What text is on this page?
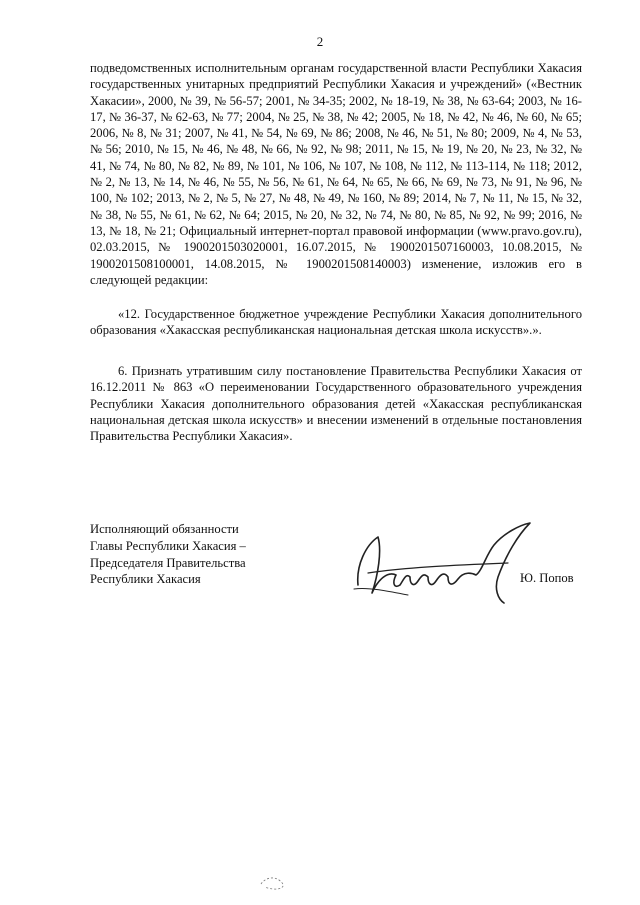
2
подведомственных исполнительным органам государственной власти Республики Хакасия государственных унитарных предприятий Республики Хакасия и учреждений» («Вестник Хакасии», 2000, № 39, № 56-57; 2001, № 34-35; 2002, № 18-19, № 38, № 63-64; 2003, № 16-17, № 36-37, № 62-63, № 77; 2004, № 25, № 38, № 42; 2005, № 18, № 42, № 46, № 60, № 65; 2006, № 8, № 31; 2007, № 41, № 54, № 69, № 86; 2008, № 46, № 51, № 80; 2009, № 4, № 53, № 56; 2010, № 15, № 46, № 48, № 66, № 92, № 98; 2011, № 15, № 19, № 20, № 23, № 32, № 41, № 74, № 80, № 82, № 89, № 101, № 106, № 107, № 108, № 112, № 113-114, № 118; 2012, № 2, № 13, № 14, № 46, № 55, № 56, № 61, № 64, № 65, № 66, № 69, № 73, № 91, № 96, № 100, № 102; 2013, № 2, № 5, № 27, № 48, № 49, № 160, № 89; 2014, № 7, № 11, № 15, № 32, № 38, № 55, № 61, № 62, № 64; 2015, № 20, № 32, № 74, № 80, № 85, № 92, № 99; 2016, № 13, № 18, № 21; Официальный интернет-портал правовой информации (www.pravo.gov.ru), 02.03.2015, № 1900201503020001, 16.07.2015, № 1900201507160003, 10.08.2015, № 1900201508100001, 14.08.2015, № 1900201508140003) изменение, изложив его в следующей редакции:
«12. Государственное бюджетное учреждение Республики Хакасия дополнительного образования «Хакасская республиканская национальная детская школа искусств».».
6. Признать утратившим силу постановление Правительства Республики Хакасия от 16.12.2011 № 863 «О переименовании Государственного образовательного учреждения Республики Хакасия дополнительного образования детей «Хакасская республиканская национальная детская школа искусств» и внесении изменений в отдельные постановления Правительства Республики Хакасия».
Исполняющий обязанности
Главы Республики Хакасия –
Председателя Правительства
Республики Хакасия	Ю. Попов
